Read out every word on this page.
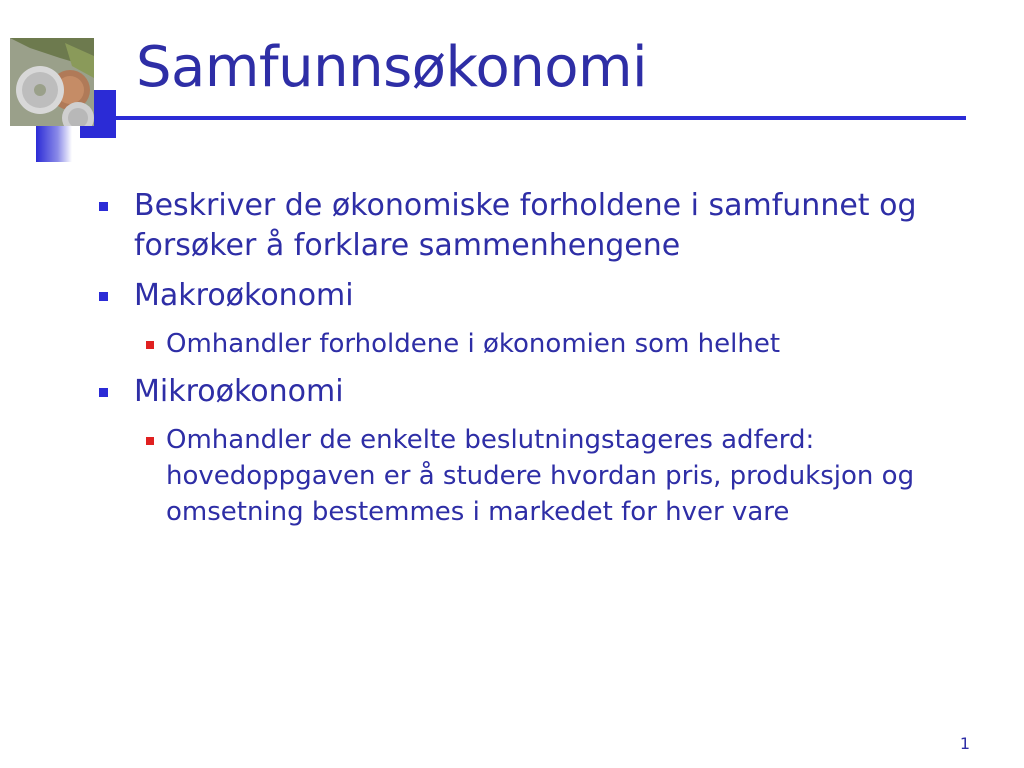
Samfunnsøkonomi
Beskriver de økonomiske forholdene i samfunnet og forsøker å forklare sammenhengene
Makroøkonomi
Omhandler forholdene i økonomien som helhet
Mikroøkonomi
Omhandler de enkelte beslutningstageres adferd: hovedoppgaven er å studere hvordan pris, produksjon og omsetning bestemmes i markedet for hver vare
1
